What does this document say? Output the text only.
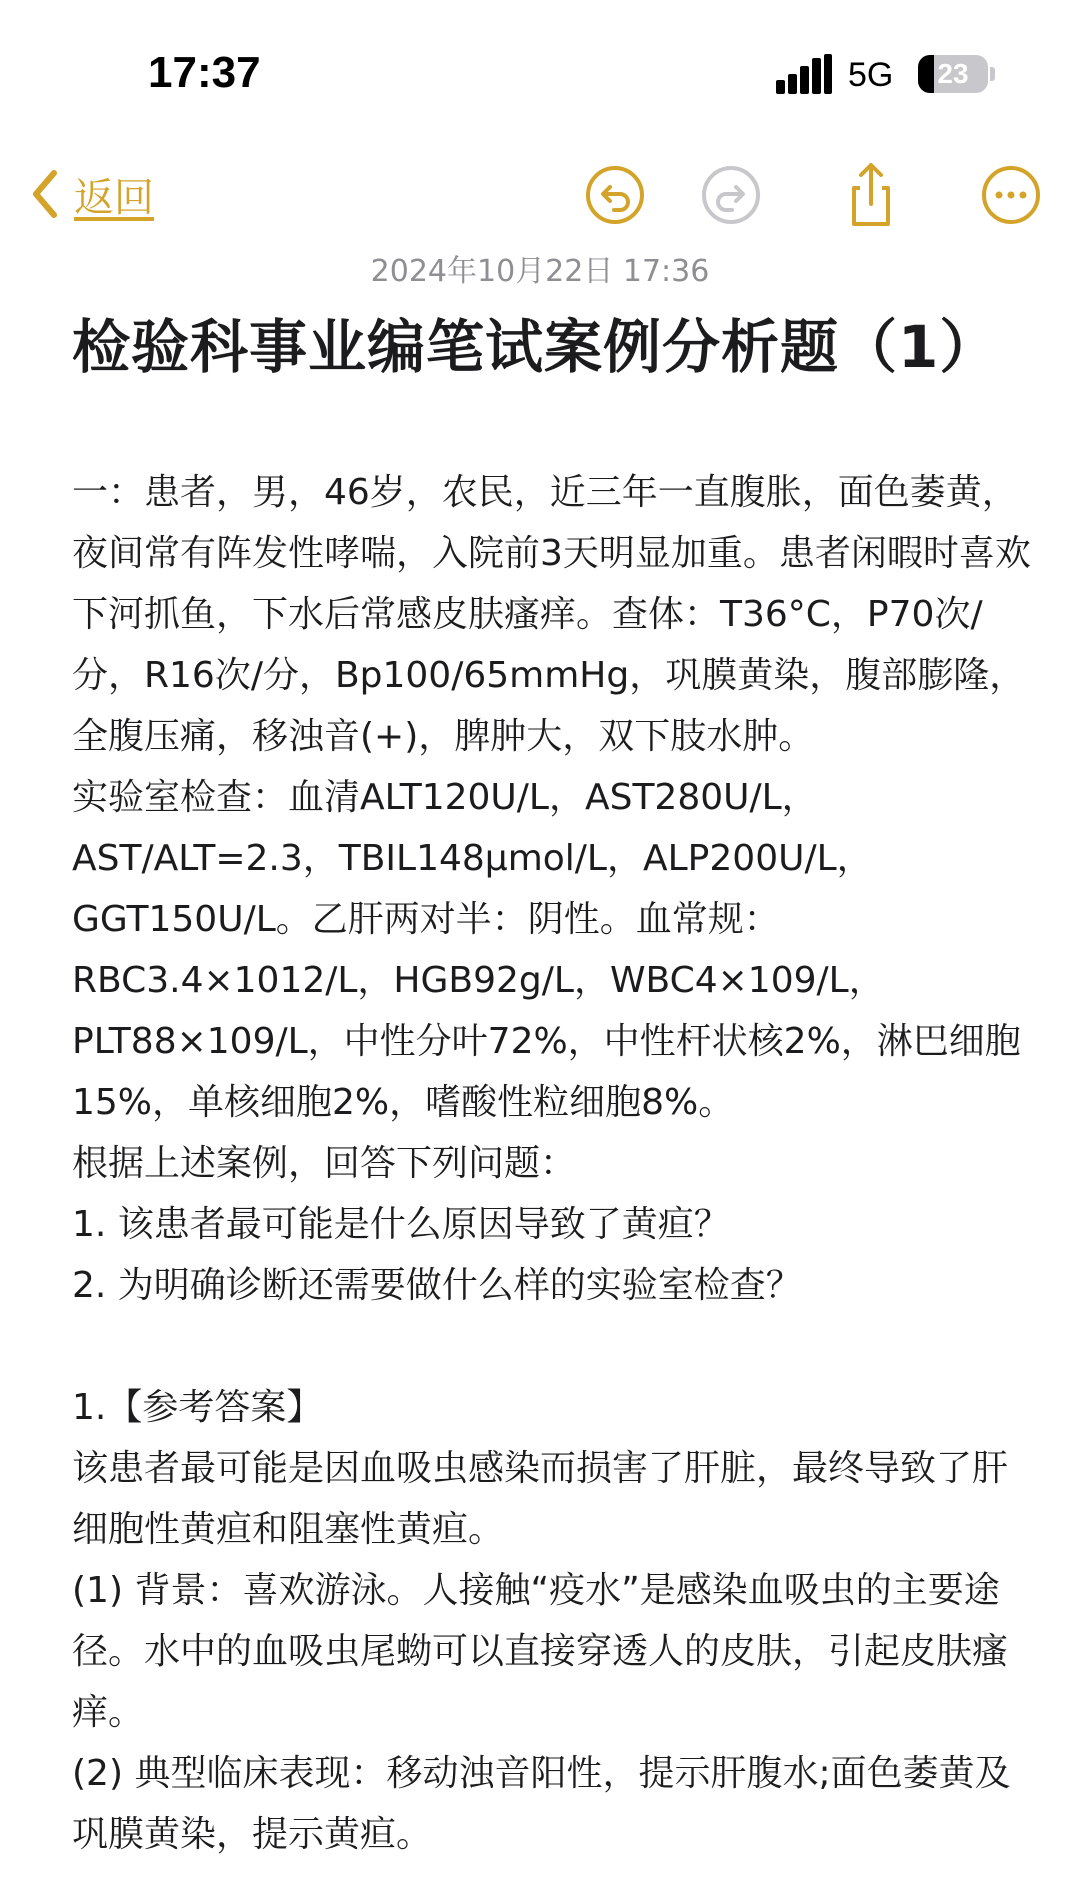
17:37	5G	23
返回
2024年10月22日 17:36
检验科事业编笔试案例分析题（1）

一：患者，男，46岁，农民，近三年一直腹胀，面色萎黄，夜间常有阵发性哮喘，入院前3天明显加重。患者闲暇时喜欢下河抓鱼，下水后常感皮肤瘙痒。查体：T36°C，P70次/分，R16次/分，Bp100/65mmHg，巩膜黄染，腹部膨隆，全腹压痛，移浊音(+)，脾肿大，双下肢水肿。

实验室检查：血清ALT120U/L，AST280U/L，AST/ALT=2.3，TBIL148μmol/L，ALP200U/L，GGT150U/L。乙肝两对半：阴性。血常规：RBC3.4×1012/L，HGB92g/L，WBC4×109/L，PLT88×109/L，中性分叶72%，中性杆状核2%，淋巴细胞15%，单核细胞2%，嗜酸性粒细胞8%。

根据上述案例，回答下列问题：

1. 该患者最可能是什么原因导致了黄疸？

2. 为明确诊断还需要做什么样的实验室检查？

1.【参考答案】

该患者最可能是因血吸虫感染而损害了肝脏，最终导致了肝细胞性黄疸和阻塞性黄疸。

(1) 背景：喜欢游泳。人接触“疫水”是感染血吸虫的主要途径。水中的血吸虫尾蚴可以直接穿透人的皮肤，引起皮肤瘙痒。

(2) 典型临床表现：移动浊音阳性，提示肝腹水;面色萎黄及巩膜黄染，提示黄疸。
